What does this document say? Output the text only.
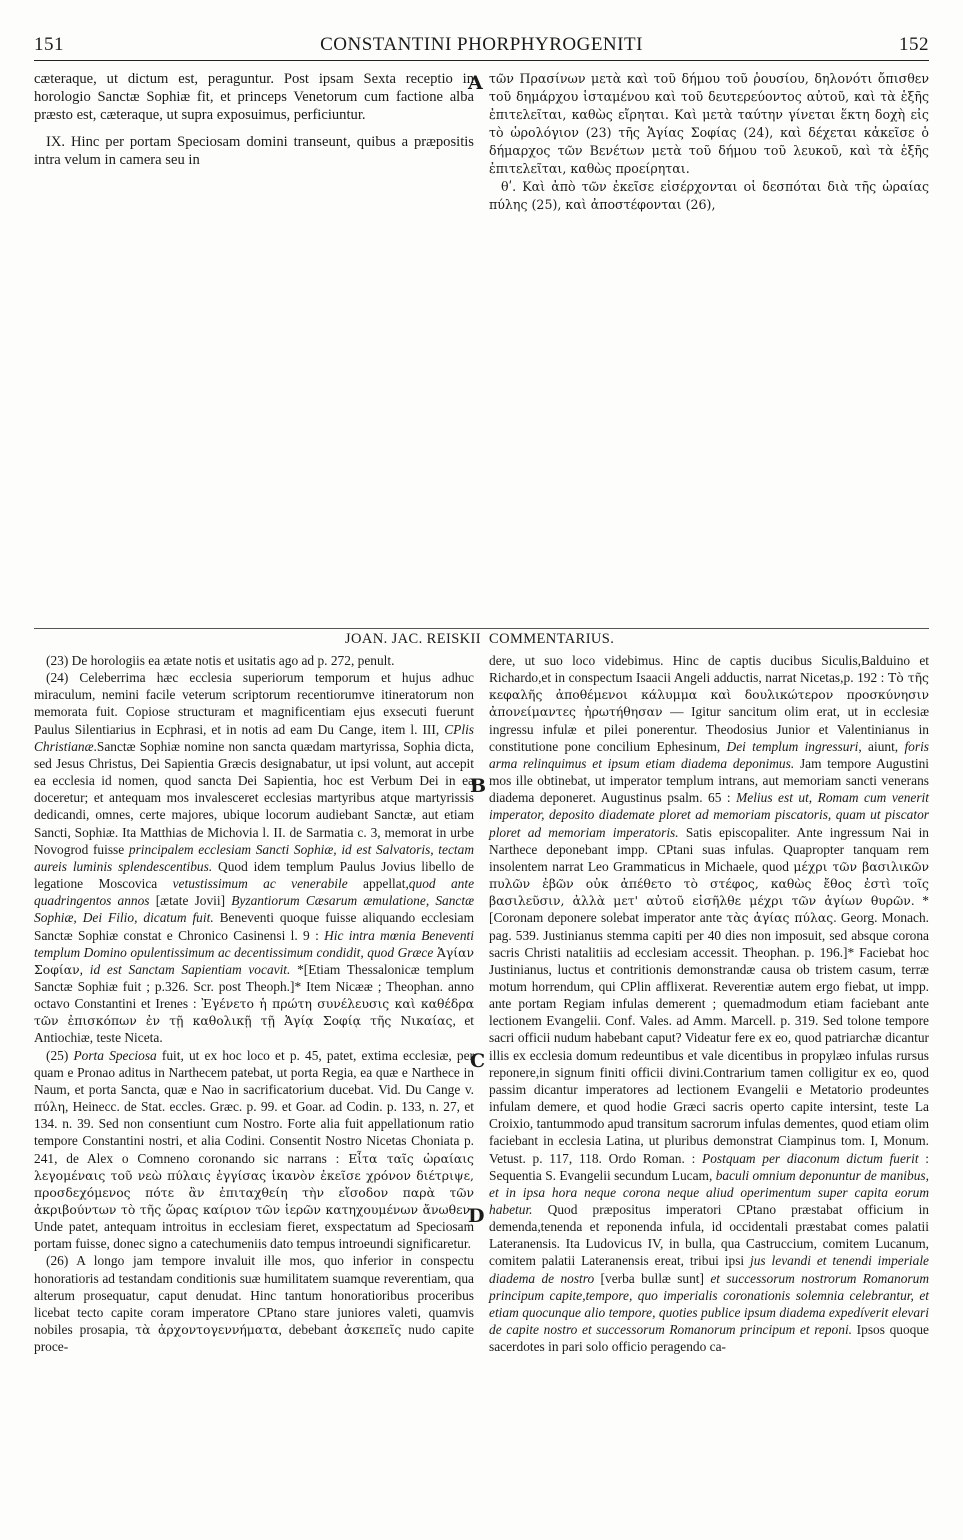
151	CONSTANTINI PHORPHYROGENITI	152

cæteraque, ut dictum est, peraguntur. Post ipsam Sexta receptio in horologio Sanctæ Sophiæ fit, et princeps Venetorum cum factione alba præsto est, cæteraque, ut supra exposuimus, perficiuntur.

IX. Hinc per portam Speciosam domini transeunt, quibus a præpositis intra velum in camera seu in

τῶν Πρασίνων μετὰ καὶ τοῦ δήμου τοῦ ῥουσίου, δηλονότι ὄπισθεν τοῦ δημάρχου ἱσταμένου καὶ τοῦ δευτερεύοντος αὐτοῦ, καὶ τὰ ἑξῆς ἐπιτελεῖται, καθὼς εἴρηται. Καὶ μετὰ ταύτην γίνεται ἕκτη δοχὴ εἰς τὸ ὡρολόγιον (23) τῆς Ἁγίας Σοφίας (24), καὶ δέχεται κἀκεῖσε ὁ δήμαρχος τῶν Βενέτων μετὰ τοῦ δήμου τοῦ λευκοῦ, καὶ τὰ ἑξῆς ἐπιτελεῖται, καθὼς προείρηται.

θʹ. Καὶ ἀπὸ τῶν ἐκεῖσε εἰσέρχονται οἱ δεσπόται διὰ τῆς ὡραίας πύλης (25), καὶ ἀποστέφονται (26),

A
B
C
D
JOAN. JAC. REISKII COMMENTARIUS.

(23) De horologiis ea ætate notis et usitatis ago ad p. 272, penult.

(24) Celeberrima hæc ecclesia superiorum temporum et hujus adhuc miraculum, nemini facile veterum scriptorum recentiorumve itineratorum non memorata fuit. Copiose structuram et magnificentiam ejus exsecuti fuerunt Paulus Silentiarius in Ecphrasi, et in notis ad eam Du Cange, item l. III, CPlis Christianæ.Sanctæ Sophiæ nomine non sancta quædam martyrissa, Sophia dicta, sed Jesus Christus, Dei Sapientia Græcis designabatur, ut ipsi volunt, aut accepit ea ecclesia id nomen, quod sancta Dei Sapientia, hoc est Verbum Dei in ea doceretur; et antequam mos invalesceret ecclesias martyribus atque martyrissis dedicandi, omnes, certe majores, ubique locorum audiebant Sanctæ, aut etiam Sancti, Sophiæ. Ita Matthias de Michovia l. II. de Sarmatia c. 3, memorat in urbe Novogrod fuisse principalem ecclesiam Sancti Sophiæ, id est Salvatoris, tectam aureis luminis splendescentibus. Quod idem templum Paulus Jovius libello de legatione Moscovica vetustissimum ac venerabile appellat,quod ante quadringentos annos [ætate Jovii] Byzantiorum Cæsarum æmulatione, Sanctæ Sophiæ, Dei Filio, dicatum fuit. Beneventi quoque fuisse aliquando ecclesiam Sanctæ Sophiæ constat e Chronico Casinensi l. 9 : Hic intra mœnia Beneventi templum Domino opulentissimum ac decentissimum condidit, quod Græce Ἁγίαν Σοφίαν, id est Sanctam Sapientiam vocavit. *[Etiam Thessalonicæ templum Sanctæ Sophiæ fuit ; p.326. Scr. post Theoph.]* Item Nicææ ; Theophan. anno octavo Constantini et Irenes : Ἐγένετο ἡ πρώτη συνέλευσις καὶ καθέδρα τῶν ἐπισκόπων ἐν τῇ καθολικῇ τῇ Ἁγίᾳ Σοφίᾳ τῆς Νικαίας, et Antiochiæ, teste Niceta.

(25) Porta Speciosa fuit, ut ex hoc loco et p. 45, patet, extima ecclesiæ, per quam e Pronao aditus in Narthecem patebat, ut porta Regia, ea quæ e Narthece in Naum, et porta Sancta, quæ e Nao in sacrificatorium ducebat. Vid. Du Cange v. πύλη, Heinecc. de Stat. eccles. Græc. p. 99. et Goar. ad Codin. p. 133, n. 27, et 134. n. 39. Sed non consentiunt cum Nostro. Forte alia fuit appellationum ratio tempore Constantini nostri, et alia Codini. Consentit Nostro Nicetas Choniata p. 241, de Alex o Comneno coronando sic narrans : Εἶτα ταῖς ὡραίαις λεγομέναις τοῦ νεὼ πύλαις ἐγγίσας ἱκανὸν ἐκεῖσε χρόνον διέτριψε, προσδεχόμενος πότε ἂν ἐπιταχθείη τὴν εἴσοδον παρὰ τῶν ἀκριβούντων τὸ τῆς ὥρας καίριον τῶν ἱερῶν κατηχουμένων ἄνωθεν. Unde patet, antequam introitus in ecclesiam fieret, exspectatum ad Speciosam portam fuisse, donec signo a catechumeniis dato tempus introeundi significaretur.

(26) A longo jam tempore invaluit ille mos, quo inferior in conspectu honoratioris ad testandam conditionis suæ humilitatem suamque reverentiam, qua alterum prosequatur, caput denudat. Hinc tantum honoratioribus proceribus licebat tecto capite coram imperatore CPtano stare juniores valeti, quamvis nobiles prosapia, τὰ ἀρχοντογεννήματα, debebant ἀσκεπεῖς nudo capite proce-

dere, ut suo loco videbimus. Hinc de captis ducibus Siculis,Balduino et Richardo,et in conspectum Isaacii Angeli adductis, narrat Nicetas,p. 192 : Τὸ τῆς κεφαλῆς ἀποθέμενοι κάλυμμα καὶ δουλικώτερον προσκύνησιν ἀπονείμαντες ἠρωτήθησαν — Igitur sancitum olim erat, ut in ecclesiæ ingressu infulæ et pilei ponerentur. Theodosius Junior et Valentinianus in constitutione pone concilium Ephesinum, Dei templum ingressuri, aiunt, foris arma relinquimus et ipsum etiam diadema deponimus. Jam tempore Augustini mos ille obtinebat, ut imperator templum intrans, aut memoriam sancti venerans diadema deponeret. Augustinus psalm. 65 : Melius est ut, Romam cum venerit imperator, deposito diademate ploret ad memoriam piscatoris, quam ut piscator ploret ad memoriam imperatoris. Satis episcopaliter. Ante ingressum Nai in Narthece deponebant impp. CPtani suas infulas. Quapropter tanquam rem insolentem narrat Leo Grammaticus in Michaele, quod μέχρι τῶν βασιλικῶν πυλῶν ἐβῶν οὐκ ἀπέθετο τὸ στέφος, καθὼς ἔθος ἐστὶ τοῖς βασιλεῦσιν, ἀλλὰ μετ' αὐτοῦ εἰσῆλθε μέχρι τῶν ἁγίων θυρῶν. *[Coronam deponere solebat imperator ante τὰς ἁγίας πύλας. Georg. Monach. pag. 539. Justinianus stemma capiti per 40 dies non imposuit, sed absque corona sacris Christi natalitiis ad ecclesiam accessit. Theophan. p. 196.]* Faciebat hoc Justinianus, luctus et contritionis demonstrandæ causa ob tristem casum, terræ motum horrendum, qui CPlin afflixerat. Reverentiæ autem ergo fiebat, ut impp. ante portam Regiam infulas demerent ; quemadmodum etiam faciebant ante lectionem Evangelii. Conf. Vales. ad Amm. Marcell. p. 319. Sed tolone tempore sacri officii nudum habebant caput? Videatur fere ex eo, quod patriarchæ dicantur illis ex ecclesia domum redeuntibus et vale dicentibus in propylæo infulas rursus reponere,in signum finiti officii divini.Contrarium tamen colligitur ex eo, quod passim dicantur imperatores ad lectionem Evangelii e Metatorio prodeuntes infulam demere, et quod hodie Græci sacris operto capite intersint, teste La Croixio, tantummodo apud transitum sacrorum infulas dementes, quod etiam olim faciebant in ecclesia Latina, ut pluribus demonstrat Ciampinus tom. I, Monum. Vetust. p. 117, 118. Ordo Roman. : Postquam per diaconum dictum fuerit : Sequentia S. Evangelii secundum Lucam, baculi omnium deponuntur de manibus, et in ipsa hora neque corona neque aliud operimentum super capita eorum habetur. Quod præpositus imperatori CPtano præstabat officium in demenda,tenenda et reponenda infula, id occidentali præstabat comes palatii Lateranensis. Ita Ludovicus IV, in bulla, qua Castruccium, comitem Lucanum, comitem palatii Lateranensis ereat, tribui ipsi jus levandi et tenendi imperiale diadema de nostro [verba bullæ sunt] et successorum nostrorum Romanorum principum capite,tempore, quo imperialis coronationis solemnia celebrantur, et etiam quocunque alio tempore, quoties publice ipsum diadema expedíverit elevari de capite nostro et successorum Romanorum principum et reponi. Ipsos quoque sacerdotes in pari solo officio peragendo ca-
